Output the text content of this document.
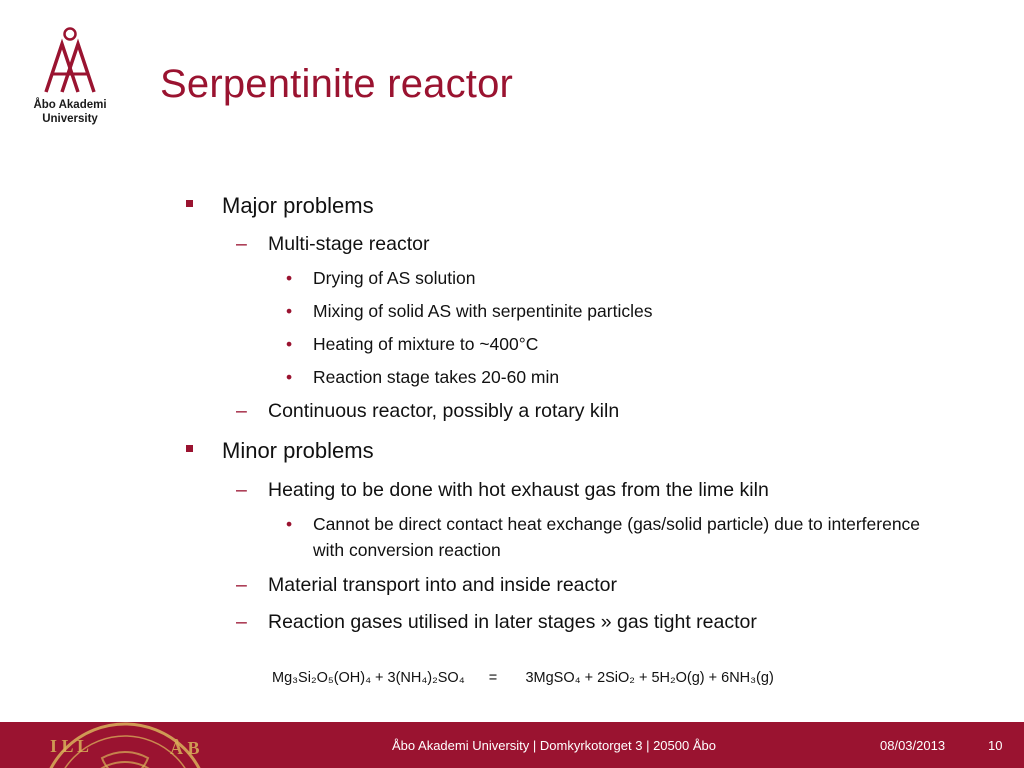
Åbo Akademi
University
Serpentinite reactor
Major problems
– Multi-stage reactor
• Drying of AS solution
• Mixing of solid AS with serpentinite particles
• Heating of mixture to ~400°C
• Reaction stage takes 20-60 min
– Continuous reactor, possibly a rotary kiln
Minor problems
– Heating to be done with hot exhaust gas from the lime kiln
• Cannot be direct contact heat exchange (gas/solid particle) due to interference with conversion reaction
– Material transport into and inside reactor
– Reaction gases utilised in later stages » gas tight reactor
Mg₃Si₂O₅(OH)₄ + 3(NH₄)₂SO₄ = 3MgSO₄ + 2SiO₂ + 5H₂O(g) + 6NH₃(g)
I L L	Å B	Åbo Akademi University | Domkyrkotorget 3 | 20500 Åbo	08/03/2013	10
